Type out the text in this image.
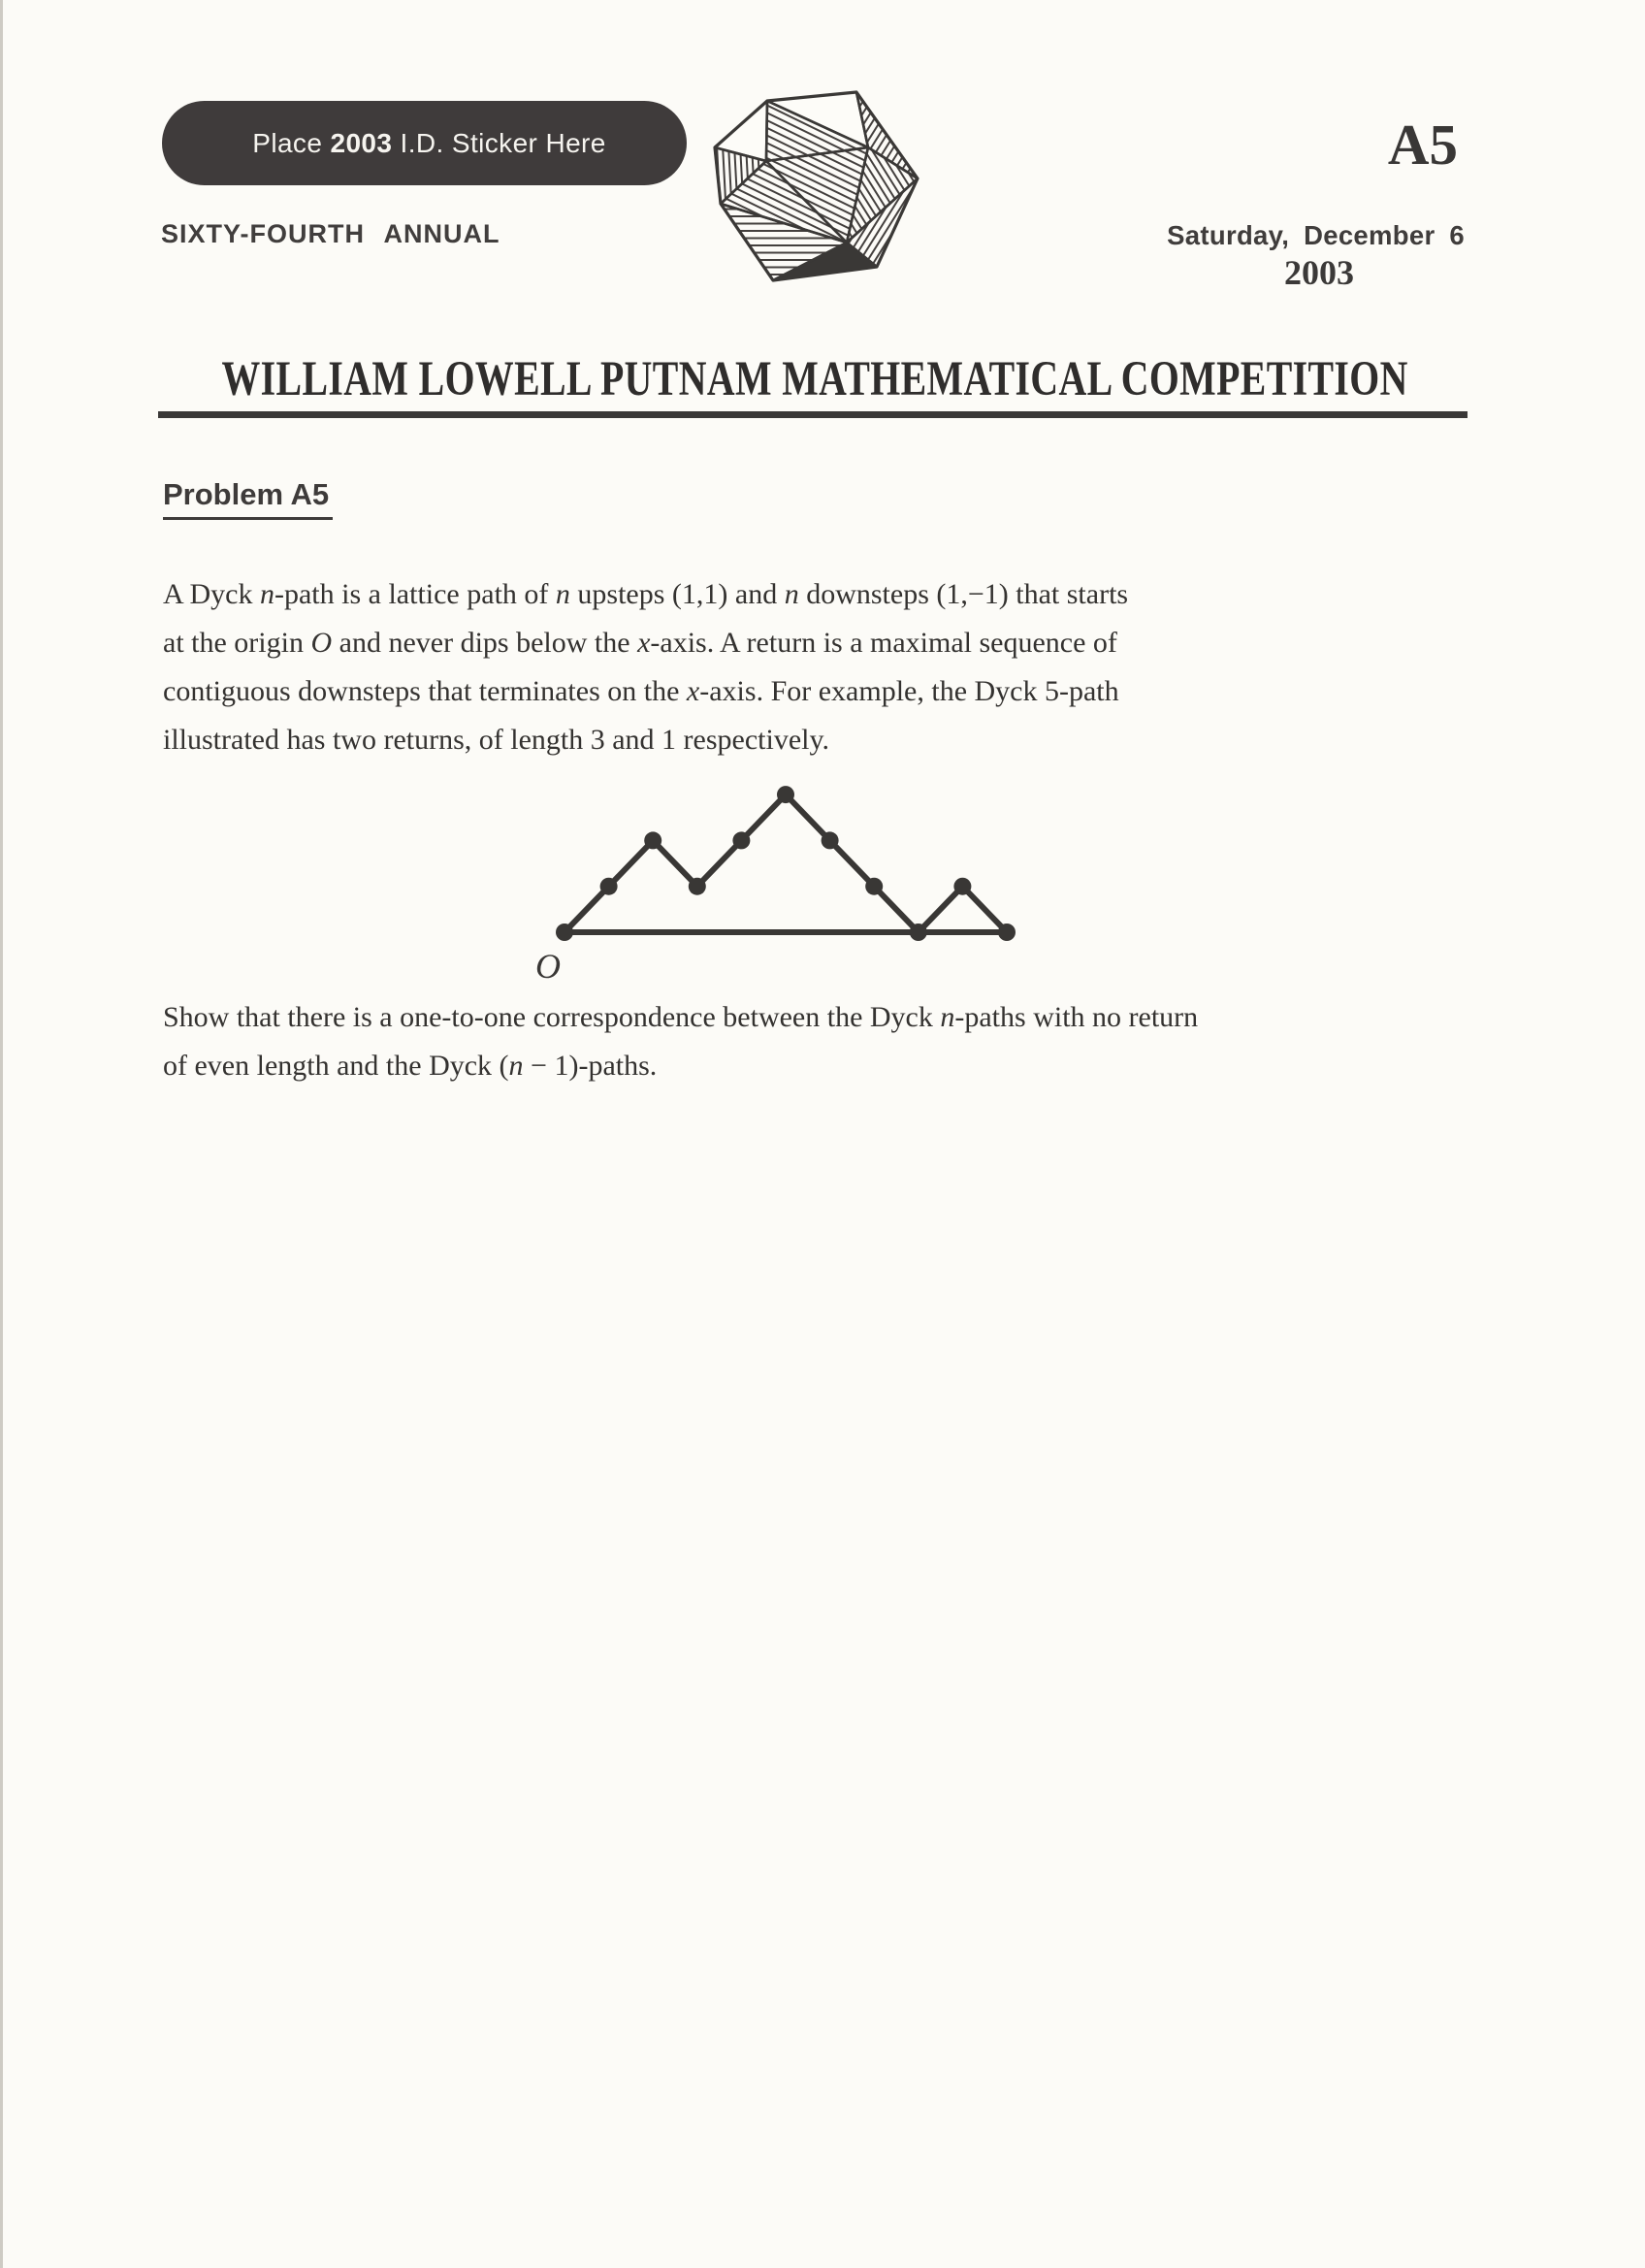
Place 2003 I.D. Sticker Here
SIXTY-FOURTH ANNUAL
A5
Saturday, December 6
2003
WILLIAM LOWELL PUTNAM MATHEMATICAL COMPETITION
Problem A5
A Dyck n-path is a lattice path of n upsteps (1,1) and n downsteps (1,−1) that starts
at the origin O and never dips below the x-axis. A return is a maximal sequence of
contiguous downsteps that terminates on the x-axis. For example, the Dyck 5-path
illustrated has two returns, of length 3 and 1 respectively.
O
Show that there is a one-to-one correspondence between the Dyck n-paths with no return
of even length and the Dyck (n − 1)-paths.
